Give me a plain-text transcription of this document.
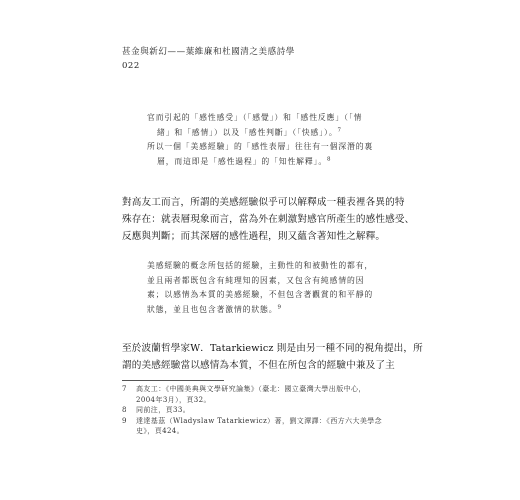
甚金與新幻——葉維廉和杜國清之美感詩學
022
官而引起的「感性感受」（「感覺」）和「感性反應」（「情
緒」和「感情」）以及「感性判斷」（「快感」）。$^7$
所以一個「美感經驗」的「感性表層」往往有一個深潛的裏
層，而這即是「感性過程」的「知性解釋」。$^8$
對高友工而言，所謂的美感經驗似乎可以解釋成一種表裡各異的特
殊存在：就表層現象而言，當為外在刺激對感官所產生的感性感受、
反應與判斷；而其深層的感性過程，則又蘊含著知性之解釋。
美感經驗的概念所包括的經驗，主動性的和被動性的都有，
並且兩者都既包含有純理知的因素，又包含有純感情的因
素；以感情為本質的美感經驗，不但包含著觀賞的和平靜的
狀態，並且也包含著激情的狀態。$^9$
至於波蘭哲學家W．Tatarkiewicz 則是由另一種不同的視角提出，所
謂的美感經驗當以感情為本質，不但在所包含的經驗中兼及了主
7	高友工：《中國美典與文學研究論集》（臺北：國立臺灣大學出版中心，
2004年3月），頁32。
8	同前注，頁33。
9	達達基茲（Wladyslaw Tatarkiewicz）著，劉文潭譯：《西方六大美學念
史》，頁424。
